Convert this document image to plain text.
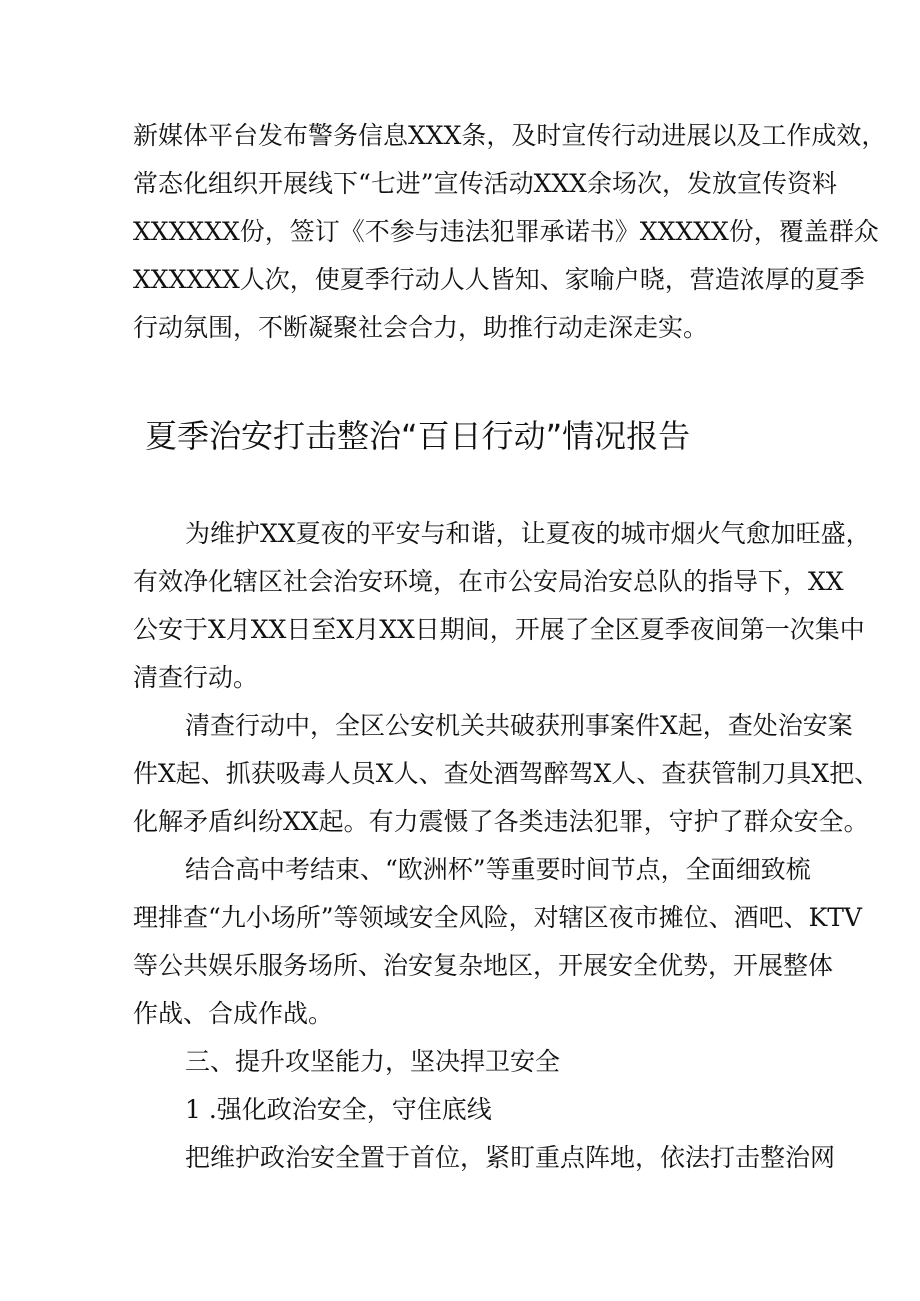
新媒体平台发布警务信息XXX条，及时宣传行动进展以及工作成效，
常态化组织开展线下“七进”宣传活动XXX余场次，发放宣传资料
XXXXXX份，签订《不参与违法犯罪承诺书》XXXXX份，覆盖群众
XXXXXX人次，使夏季行动人人皆知、家喻户晓，营造浓厚的夏季
行动氛围，不断凝聚社会合力，助推行动走深走实。
夏季治安打击整治“百日行动”情况报告
为维护XX夏夜的平安与和谐，让夏夜的城市烟火气愈加旺盛，
有效净化辖区社会治安环境，在市公安局治安总队的指导下，XX
公安于X月XX日至X月XX日期间，开展了全区夏季夜间第一次集中
清查行动。
清查行动中，全区公安机关共破获刑事案件X起，查处治安案
件X起、抓获吸毒人员X人、查处酒驾醉驾X人、查获管制刀具X把、
化解矛盾纠纷XX起。有力震慑了各类违法犯罪，守护了群众安全。
结合高中考结束、“欧洲杯”等重要时间节点，全面细致梳
理排查“九小场所”等领域安全风险，对辖区夜市摊位、酒吧、KTV
等公共娱乐服务场所、治安复杂地区，开展安全优势，开展整体
作战、合成作战。
三、提升攻坚能力，坚决捍卫安全
1 .强化政治安全，守住底线
把维护政治安全置于首位，紧盯重点阵地，依法打击整治网
